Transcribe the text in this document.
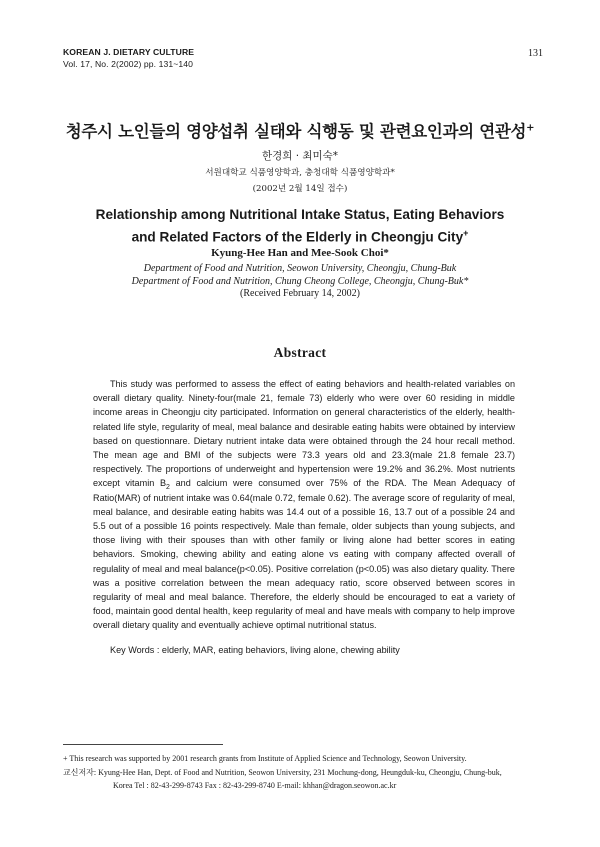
KOREAN J. DIETARY CULTURE
Vol. 17, No. 2(2002) pp. 131~140
131
청주시 노인들의 영양섭취 실태와 식행동 및 관련요인과의 연관성+
한경희 · 최미숙*
서원대학교 식품영양학과, 충청대학 식품영양학과*
(2002년 2월 14일 접수)
Relationship among Nutritional Intake Status, Eating Behaviors
and Related Factors of the Elderly in Cheongju City+
Kyung-Hee Han and Mee-Sook Choi*
Department of Food and Nutrition, Seowon University, Cheongju, Chung-Buk
Department of Food and Nutrition, Chung Cheong College, Cheongju, Chung-Buk*
(Received February 14, 2002)
Abstract

This study was performed to assess the effect of eating behaviors and health-related variables on overall dietary quality. Ninety-four(male 21, female 73) elderly who were over 60 residing in middle income areas in Cheongju city participated. Information on general characteristics of the elderly, health-related life style, regularity of meal, meal balance and desirable eating habits were obtained by interview based on questionnare. Dietary nutrient intake data were obtained through the 24 hour recall method. The mean age and BMI of the subjects were 73.3 years old and 23.3(male 21.8 female 23.7) respectively. The proportions of underweight and hypertension were 19.2% and 36.2%. Most nutrients except vitamin $B_2$ and calcium were consumed over 75% of the RDA. The Mean Adequacy of Ratio(MAR) of nutrient intake was 0.64(male 0.72, female 0.62). The average score of regularity of meal, meal balance, and desirable eating habits was 14.4 out of a possible 16, 13.7 out of a possible 24 and 5.5 out of a possible 16 points respectively. Male than female, older subjects than young subjects, and those living with their spouses than with other family or living alone had better scores in eating behaviors. Smoking, chewing ability and eating alone vs eating with company affected overall of regulality of meal and meal balance(p<0.05). Positive correlation (p<0.05) was also dietary quality. There was a positive correlation between the mean adequacy ratio, score observed between scores in regularity of meal and meal balance. Therefore, the elderly should be encouraged to eat a variety of food, maintain good dental health, keep regularity of meal and have meals with company to help improve overall dietary quality and eventually achieve optimal nutritional status.

Key Words : elderly, MAR, eating behaviors, living alone, chewing ability
+ This research was supported by 2001 research grants from Institute of Applied Science and Technology, Seowon University.
교신저자: Kyung-Hee Han, Dept. of Food and Nutrition, Seowon University, 231 Mochung-dong, Heungduk-ku, Cheongju, Chung-buk,
Korea Tel : 82-43-299-8743 Fax : 82-43-299-8740 E-mail: khhan@dragon.seowon.ac.kr
